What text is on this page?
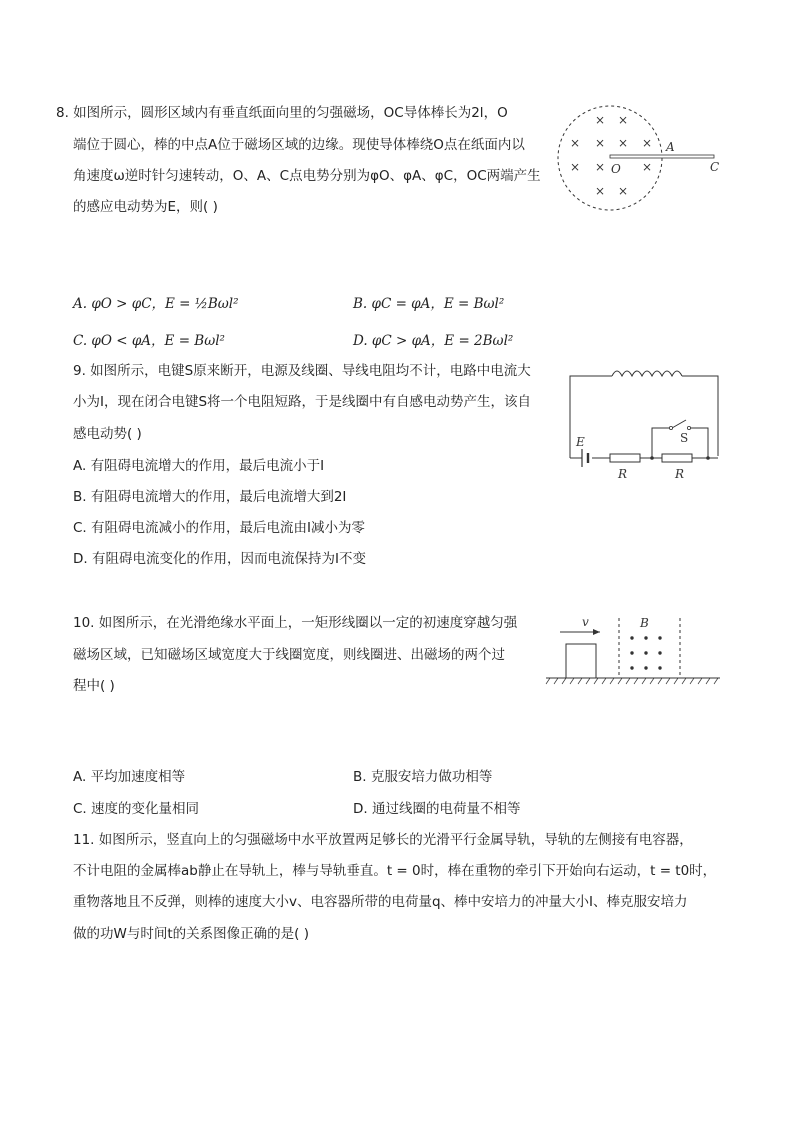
8. 如图所示，圆形区域内有垂直纸面向里的匀强磁场，OC导体棒长为2l，O
端位于圆心，棒的中点A位于磁场区域的边缘。现使导体棒绕O点在纸面内以
角速度ω逆时针匀速转动，O、A、C点电势分别为φO、φA、φC，OC两端产生
的感应电动势为E，则( )
× ×
× × × ×
× ×	×
× ×
O
A
C
A. φO > φC，E = ½Bωl²	B. φC = φA，E = Bωl²
C. φO < φA，E = Bωl²	D. φC > φA，E = 2Bωl²
9. 如图所示，电键S原来断开，电源及线圈、导线电阻均不计，电路中电流大
小为I，现在闭合电键S将一个电阻短路，于是线圈中有自感电动势产生，该自
感电动势( )
A. 有阻碍电流增大的作用，最后电流小于I
B. 有阻碍电流增大的作用，最后电流增大到2I
C. 有阻碍电流减小的作用，最后电流由I减小为零
D. 有阻碍电流变化的作用，因而电流保持为I不变
E	S
R	R
10. 如图所示，在光滑绝缘水平面上，一矩形线圈以一定的初速度穿越匀强
磁场区域，已知磁场区域宽度大于线圈宽度，则线圈进、出磁场的两个过
程中( )
v	B
A. 平均加速度相等	B. 克服安培力做功相等
C. 速度的变化量相同	D. 通过线圈的电荷量不相等
11. 如图所示，竖直向上的匀强磁场中水平放置两足够长的光滑平行金属导轨，导轨的左侧接有电容器，
不计电阻的金属棒ab静止在导轨上，棒与导轨垂直。t = 0时，棒在重物的牵引下开始向右运动，t = t0时，
重物落地且不反弹，则棒的速度大小v、电容器所带的电荷量q、棒中安培力的冲量大小I、棒克服安培力
做的功W与时间t的关系图像正确的是( )
